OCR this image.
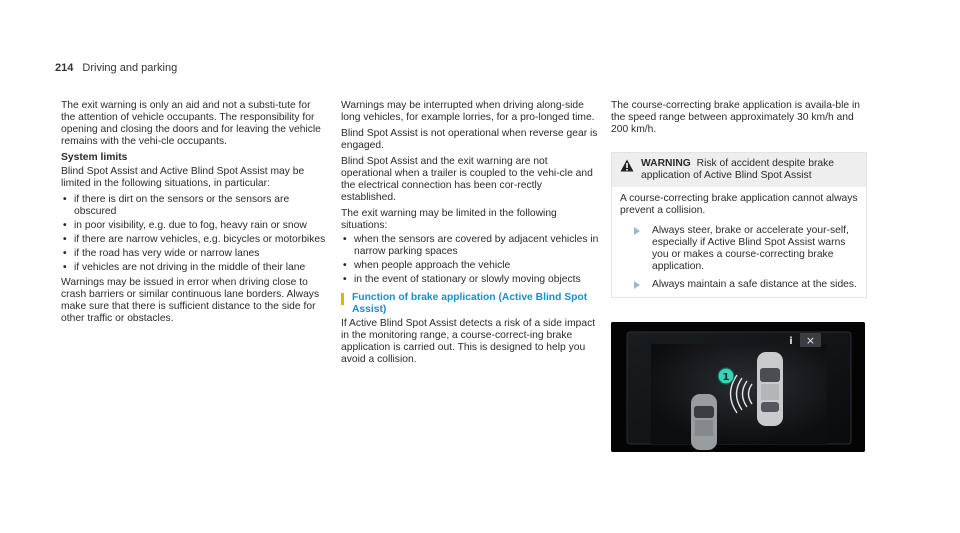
214 Driving and parking

The exit warning is only an aid and not a substi-tute for the attention of vehicle occupants. The responsibility for opening and closing the doors and for leaving the vehicle remains with the vehi-cle occupants.

System limits

Blind Spot Assist and Active Blind Spot Assist may be limited in the following situations, in particular:

• if there is dirt on the sensors or the sensors are obscured
• in poor visibility, e.g. due to fog, heavy rain or snow
• if there are narrow vehicles, e.g. bicycles or motorbikes
• if the road has very wide or narrow lanes
• if vehicles are not driving in the middle of their lane

Warnings may be issued in error when driving close to crash barriers or similar continuous lane borders. Always make sure that there is sufficient distance to the side for other traffic or obstacles.

Warnings may be interrupted when driving along-side long vehicles, for example lorries, for a pro-longed time.

Blind Spot Assist is not operational when reverse gear is engaged.

Blind Spot Assist and the exit warning are not operational when a trailer is coupled to the vehi-cle and the electrical connection has been cor-rectly established.

The exit warning may be limited in the following situations:

• when the sensors are covered by adjacent vehicles in narrow parking spaces
• when people approach the vehicle
• in the event of stationary or slowly moving objects
Function of brake application (Active Blind Spot Assist)

If Active Blind Spot Assist detects a risk of a side impact in the monitoring range, a course-correct-ing brake application is carried out. This is designed to help you avoid a collision.

The course-correcting brake application is availa-ble in the speed range between approximately 30 km/h and 200 km/h.

WARNING Risk of accident despite brake application of Active Blind Spot Assist

A course-correcting brake application cannot always prevent a collision.

Always steer, brake or accelerate your-self, especially if Active Blind Spot Assist warns you or makes a course-correcting brake application.
Always maintain a safe distance at the sides.
i ×
1
